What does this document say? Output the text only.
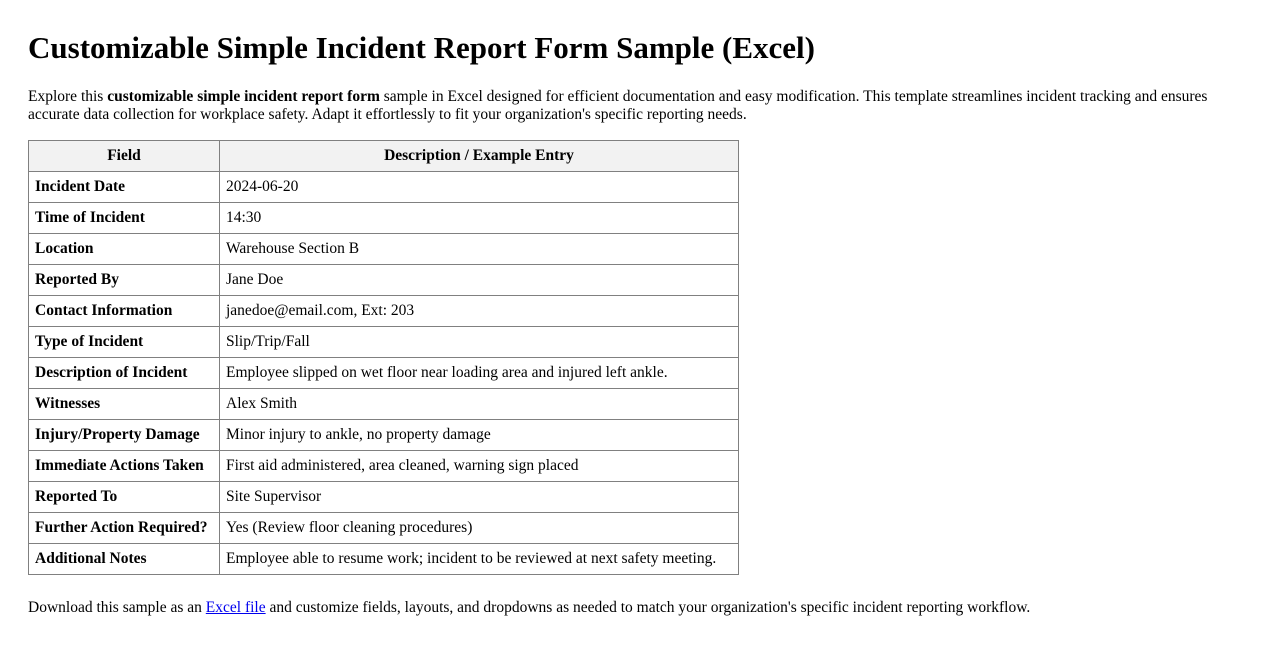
Customizable Simple Incident Report Form Sample (Excel)

Explore this customizable simple incident report form sample in Excel designed for efficient documentation and easy modification. This template streamlines incident tracking and ensures accurate data collection for workplace safety. Adapt it effortlessly to fit your organization's specific reporting needs.

Field	Description / Example Entry
Incident Date	2024-06-20
Time of Incident	14:30
Location	Warehouse Section B
Reported By	Jane Doe
Contact Information	janedoe@email.com, Ext: 203
Type of Incident	Slip/Trip/Fall
Description of Incident	Employee slipped on wet floor near loading area and injured left ankle.
Witnesses	Alex Smith
Injury/Property Damage	Minor injury to ankle, no property damage
Immediate Actions Taken	First aid administered, area cleaned, warning sign placed
Reported To	Site Supervisor
Further Action Required?	Yes (Review floor cleaning procedures)
Additional Notes	Employee able to resume work; incident to be reviewed at next safety meeting.

Download this sample as an Excel file and customize fields, layouts, and dropdowns as needed to match your organization's specific incident reporting workflow.
